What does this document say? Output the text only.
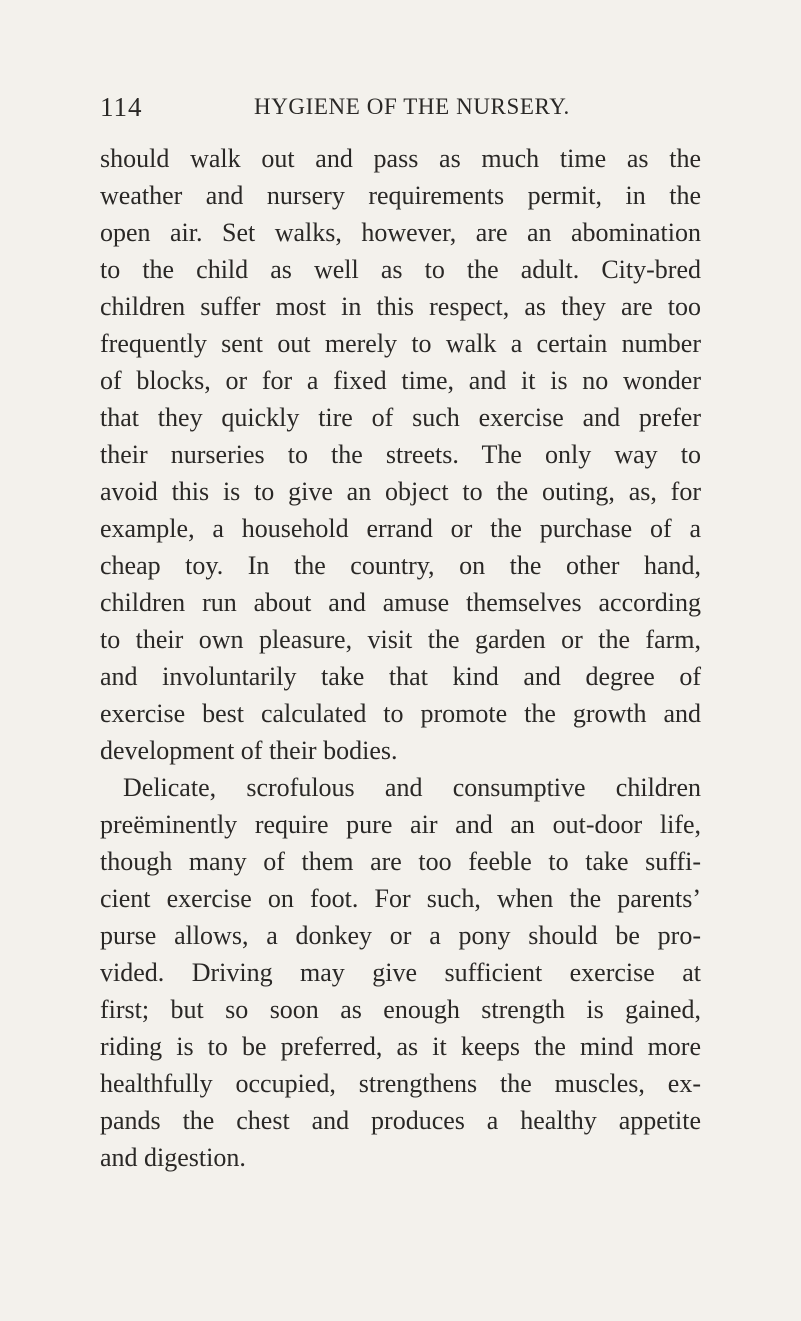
114	HYGIENE OF THE NURSERY.
should walk out and pass as much time as the
weather and nursery requirements permit, in the
open air. Set walks, however, are an abomination
to the child as well as to the adult. City-bred
children suffer most in this respect, as they are too
frequently sent out merely to walk a certain number
of blocks, or for a fixed time, and it is no wonder
that they quickly tire of such exercise and prefer
their nurseries to the streets. The only way to
avoid this is to give an object to the outing, as, for
example, a household errand or the purchase of a
cheap toy. In the country, on the other hand,
children run about and amuse themselves according
to their own pleasure, visit the garden or the farm,
and involuntarily take that kind and degree of
exercise best calculated to promote the growth and
development of their bodies.
Delicate, scrofulous and consumptive children
preëminently require pure air and an out-door life,
though many of them are too feeble to take suffi-
cient exercise on foot. For such, when the parents’
purse allows, a donkey or a pony should be pro-
vided. Driving may give sufficient exercise at
first; but so soon as enough strength is gained,
riding is to be preferred, as it keeps the mind more
healthfully occupied, strengthens the muscles, ex-
pands the chest and produces a healthy appetite
and digestion.
